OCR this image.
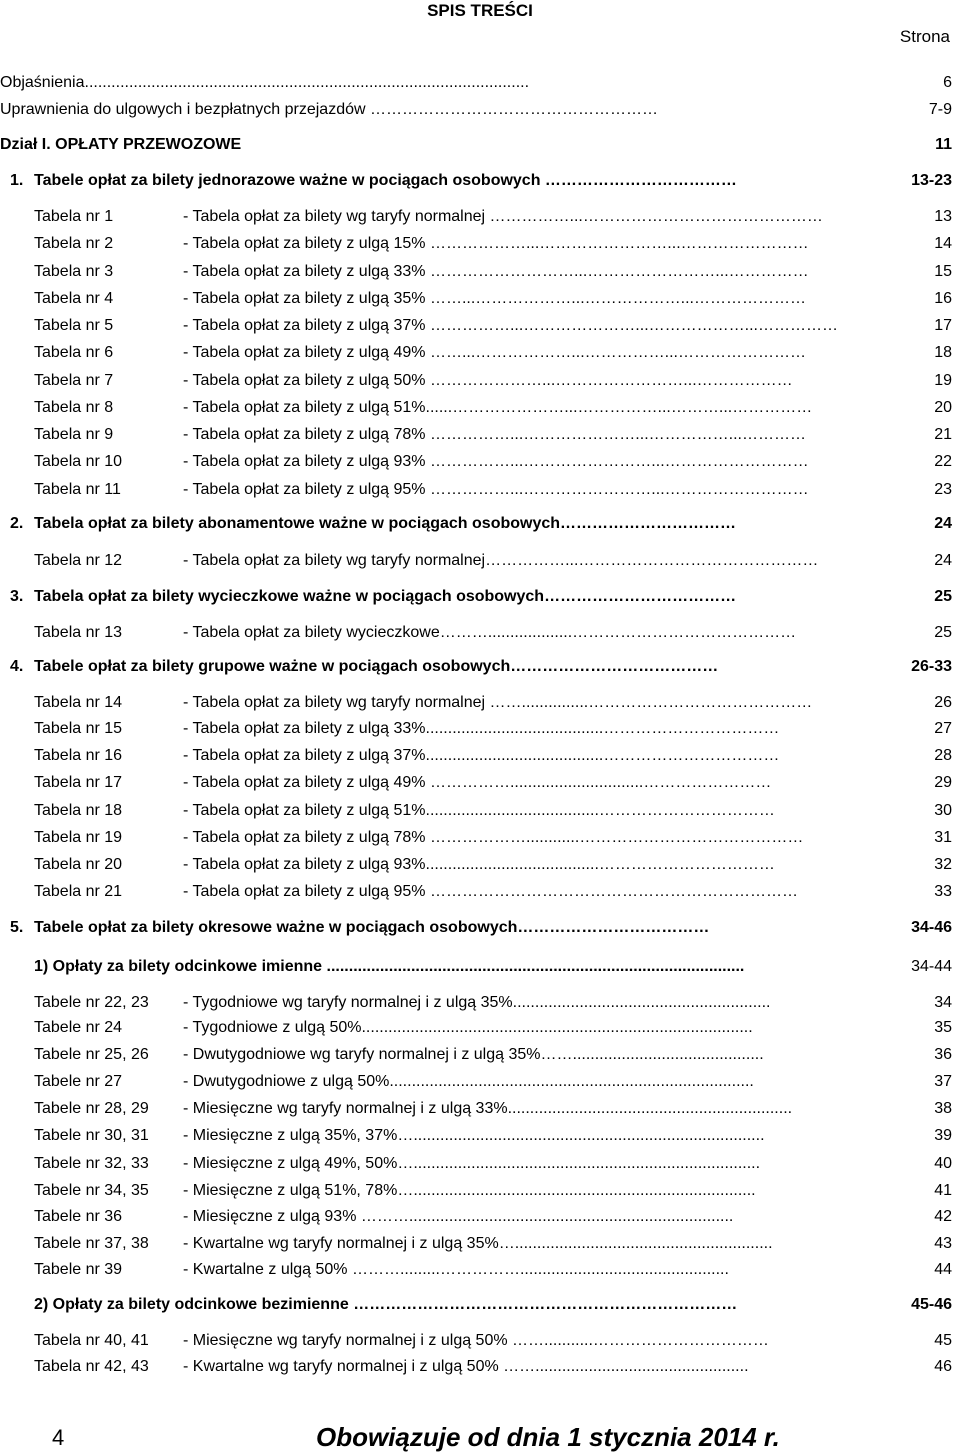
SPIS TREŚCI
Strona
Objaśnienia....................................................................................................	6
Uprawnienia do ulgowych i bezpłatnych przejazdów ………………………………………………	7-9
Dział I. OPŁATY PRZEWOZOWE	11
1. Tabele opłat za bilety jednorazowe ważne w pociągach osobowych ………………………………	13-23
Tabela nr 1	- Tabela opłat za bilety wg taryfy normalnej ……………...………………………………………	13
Tabela nr 2	- Tabela opłat za bilety z ulgą 15% ………………...……………………...……………………	14
Tabela nr 3	- Tabela opłat za bilety z ulgą 33% ………………………...……………………...……………	15
Tabela nr 4	- Tabela opłat za bilety z ulgą 35% ……...………………...………………...…………………	16
Tabela nr 5	- Tabela opłat za bilety z ulgą 37% ……………...…………………...………………...……………	17
Tabela nr 6	- Tabela opłat za bilety z ulgą 49% ……...………………...……………...……………………	18
Tabela nr 7	- Tabela opłat za bilety z ulgą 50% …………………...……………………...………………	19
Tabela nr 8	- Tabela opłat za bilety z ulgą 51%......…………………...……………...………...……………	20
Tabela nr 9	- Tabela opłat za bilety z ulgą 78% ……………...…………………...……………...…………	21
Tabela nr 10	- Tabela opłat za bilety z ulgą 93% ……………...……………………...………………………	22
Tabela nr 11	- Tabela opłat za bilety z ulgą 95% ……………...……………………...………………………	23
2. Tabela opłat za bilety abonamentowe ważne w pociągach osobowych……………………………	24
Tabela nr 12	- Tabela opłat za bilety wg taryfy normalnej……………...………………………………………	24
3. Tabela opłat za bilety wycieczkowe ważne w pociągach osobowych………………………………	25
Tabela nr 13	- Tabela opłat za bilety wycieczkowe………...................……………………………………	25
4. Tabele opłat za bilety grupowe ważne w pociągach osobowych…………………………………	26-33
Tabela nr 14	- Tabela opłat za bilety wg taryfy normalnej ……...............……………………………………	26
Tabela nr 15	- Tabela opłat za bilety z ulgą 33%........................................……………………………	27
Tabela nr 16	- Tabela opłat za bilety z ulgą 37%........................................……………………………	28
Tabela nr 17	- Tabela opłat za bilety z ulgą 49% ……………..............................……………………	29
Tabela nr 18	- Tabela opłat za bilety z ulgą 51%.......................................……………………………	30
Tabela nr 19	- Tabela opłat za bilety z ulgą 78% ………………............……………………………………	31
Tabela nr 20	- Tabela opłat za bilety z ulgą 93%.......................................……………………………	32
Tabela nr 21	- Tabela opłat za bilety z ulgą 95% ……………………………………………………………	33
5. Tabele opłat za bilety okresowe ważne w pociągach osobowych………………………………	34-46
1) Opłaty za bilety odcinkowe imienne ..............................................................................................	34-44
Tabele nr 22, 23	- Tygodniowe wg taryfy normalnej i z ulgą 35%..........................................................	34
Tabele nr 24	- Tygodniowe z ulgą 50%........................................................................................	35
Tabele nr 25, 26	- Dwutygodniowe wg taryfy normalnej i z ulgą 35%……...........................................	36
Tabele nr 27	- Dwutygodniowe z ulgą 50%..................................................................................	37
Tabele nr 28, 29	- Miesięczne wg taryfy normalnej i z ulgą 33%................................................................	38
Tabele nr 30, 31	- Miesięczne z ulgą 35%, 37%…...............................................................................	39
Tabele nr 32, 33	- Miesięczne z ulgą 49%, 50%…..............................................................................	40
Tabele nr 34, 35	- Miesięczne z ulgą 51%, 78%….............................................................................	41
Tabele nr 36	- Miesięczne z ulgą 93% ……….........................................................................	42
Tabele nr 37, 38	- Kwartalne wg taryfy normalnej i z ulgą 35%…..........................................................	43
Tabele nr 39	- Kwartalne z ulgą 50% ……….........……………...............................................	44
2) Opłaty za bilety odcinkowe bezimienne ………………………………………………………………	45-46
Tabela nr 40, 41	- Miesięczne wg taryfy normalnej i z ulgą 50% ……...........……………………………	45
Tabela nr 42, 43	- Kwartalne wg taryfy normalnej i z ulgą 50% ……................................................	46
4	Obowiązuje od dnia 1 stycznia 2014 r.
